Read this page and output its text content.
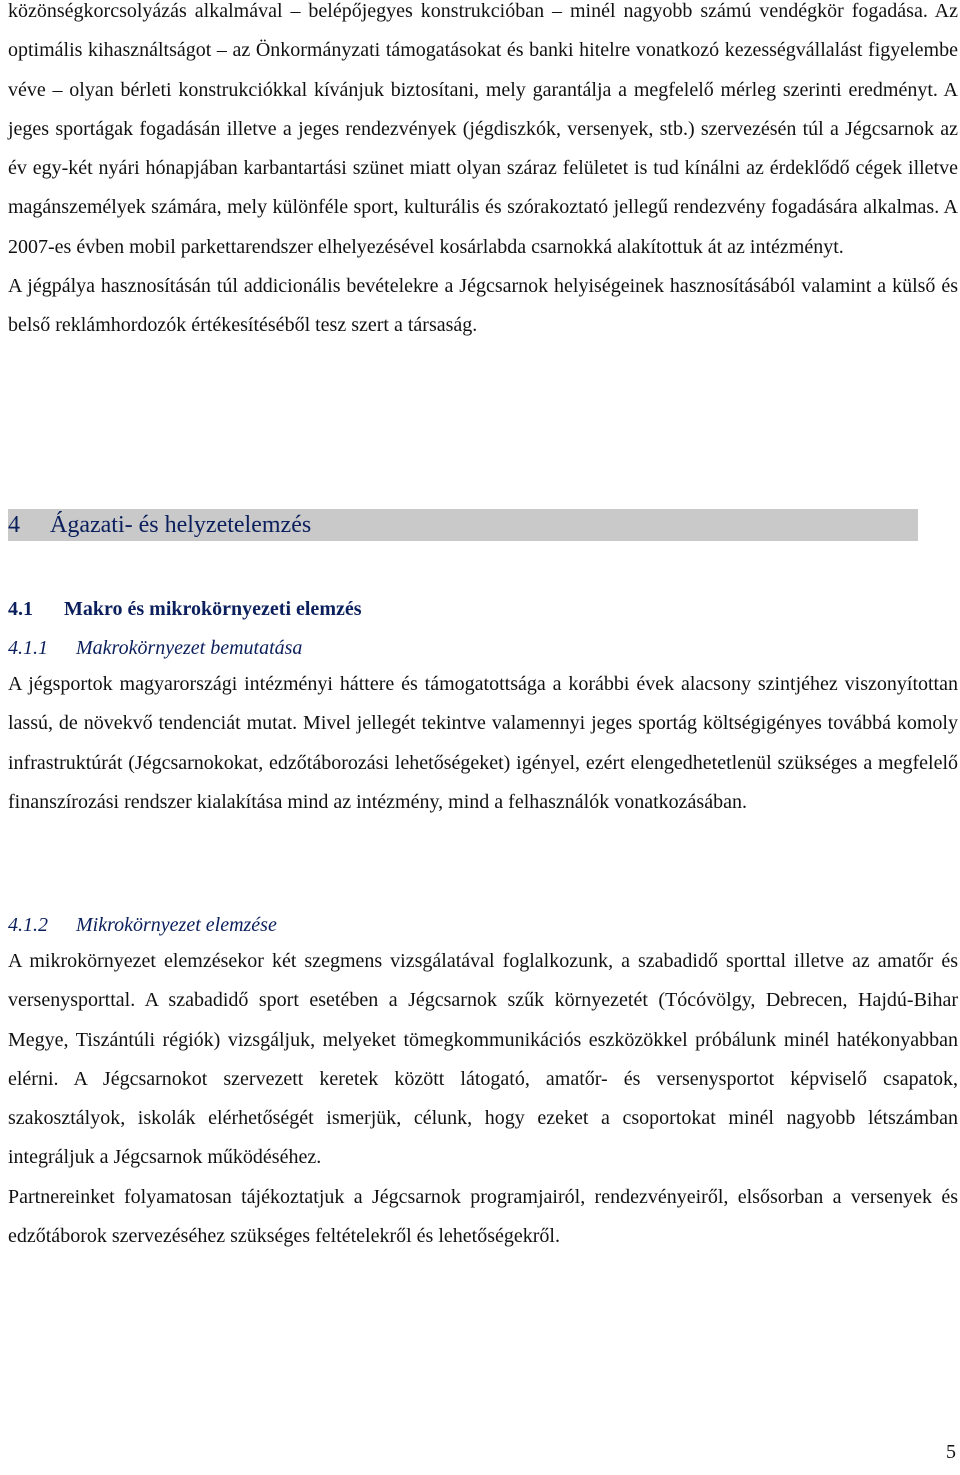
közönségkorcsolyázás alkalmával – belépőjegyes konstrukcióban – minél nagyobb számú vendégkör fogadása. Az optimális kihasználtságot – az Önkormányzati támogatásokat és banki hitelre vonatkozó kezességvállalást figyelembe véve – olyan bérleti konstrukciókkal kívánjuk biztosítani, mely garantálja a megfelelő mérleg szerinti eredményt. A jeges sportágak fogadásán illetve a jeges rendezvények (jégdiszkók, versenyek, stb.) szervezésén túl a Jégcsarnok az év egy-két nyári hónapjában karbantartási szünet miatt olyan száraz felületet is tud kínálni az érdeklődő cégek illetve magánszemélyek számára, mely különféle sport, kulturális és szórakoztató jellegű rendezvény fogadására alkalmas. A 2007-es évben mobil parkettarendszer elhelyezésével kosárlabda csarnokká alakítottuk át az intézményt.

A jégpálya hasznosításán túl addicionális bevételekre a Jégcsarnok helyiségeinek hasznosításából valamint a külső és belső reklámhordozók értékesítéséből tesz szert a társaság.

4 Ágazati- és helyzetelemzés
4.1 Makro és mikrokörnyezeti elemzés
4.1.1 Makrokörnyezet bemutatása

A jégsportok magyarországi intézményi háttere és támogatottsága a korábbi évek alacsony szintjéhez viszonyítottan lassú, de növekvő tendenciát mutat. Mivel jellegét tekintve valamennyi jeges sportág költségigényes továbbá komoly infrastruktúrát (Jégcsarnokokat, edzőtáborozási lehetőségeket) igényel, ezért elengedhetetlenül szükséges a megfelelő finanszírozási rendszer kialakítása mind az intézmény, mind a felhasználók vonatkozásában.

4.1.2 Mikrokörnyezet elemzése

A mikrokörnyezet elemzésekor két szegmens vizsgálatával foglalkozunk, a szabadidő sporttal illetve az amatőr és versenysporttal. A szabadidő sport esetében a Jégcsarnok szűk környezetét (Tócóvölgy, Debrecen, Hajdú-Bihar Megye, Tiszántúli régiók) vizsgáljuk, melyeket tömegkommunikációs eszközökkel próbálunk minél hatékonyabban elérni. A Jégcsarnokot szervezett keretek között látogató, amatőr- és versenysportot képviselő csapatok, szakosztályok, iskolák elérhetőségét ismerjük, célunk, hogy ezeket a csoportokat minél nagyobb létszámban integráljuk a Jégcsarnok működéséhez.

Partnereinket folyamatosan tájékoztatjuk a Jégcsarnok programjairól, rendezvényeiről, elsősorban a versenyek és edzőtáborok szervezéséhez szükséges feltételekről és lehetőségekről.

5
